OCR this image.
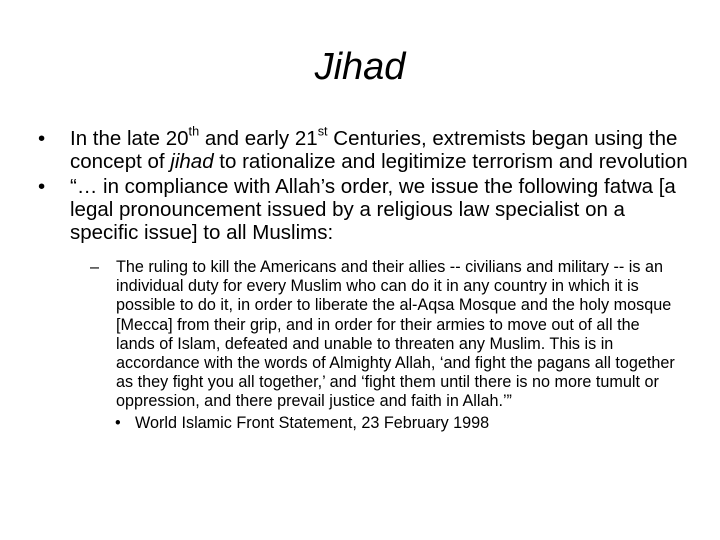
Jihad
• In the late 20th and early 21st Centuries, extremists began using the concept of jihad to rationalize and legitimize terrorism and revolution
• “… in compliance with Allah’s order, we issue the following fatwa [a legal pronouncement issued by a religious law specialist on a specific issue] to all Muslims:
– The ruling to kill the Americans and their allies -- civilians and military -- is an individual duty for every Muslim who can do it in any country in which it is possible to do it, in order to liberate the al-Aqsa Mosque and the holy mosque [Mecca] from their grip, and in order for their armies to move out of all the lands of Islam, defeated and unable to threaten any Muslim. This is in accordance with the words of Almighty Allah, ‘and fight the pagans all together as they fight you all together,’ and ‘fight them until there is no more tumult or oppression, and there prevail justice and faith in Allah.’”
• World Islamic Front Statement, 23 February 1998
